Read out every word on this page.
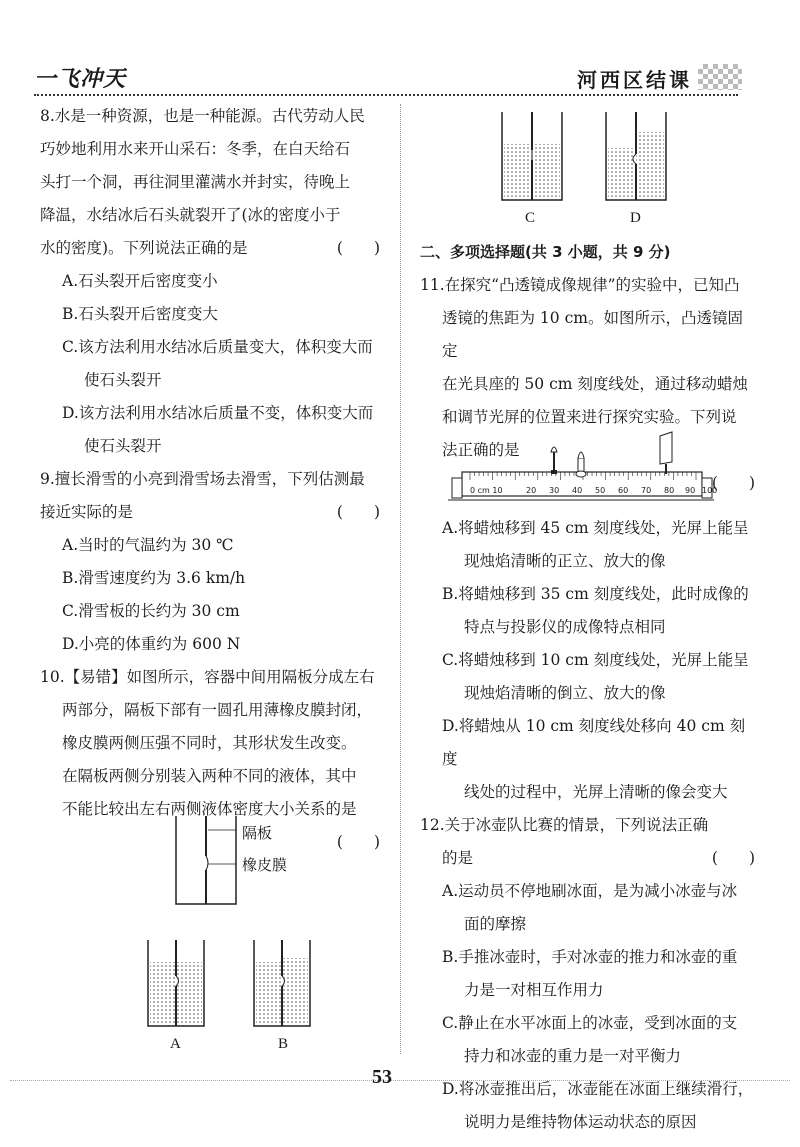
一飞冲天	河西区结课

8.水是一种资源，也是一种能源。古代劳动人民

巧妙地利用水来开山采石：冬季，在白天给石

头打一个洞，再往洞里灌满水并封实，待晚上

降温，水结冰后石头就裂开了(冰的密度小于

水的密度)。下列说法正确的是	(　　)

A.石头裂开后密度变小

B.石头裂开后密度变大

C.该方法利用水结冰后质量变大，体积变大而

使石头裂开

D.该方法利用水结冰后质量不变，体积变大而

使石头裂开

9.擅长滑雪的小亮到滑雪场去滑雪，下列估测最

接近实际的是	(　　)

A.当时的气温约为 30 ℃

B.滑雪速度约为 3.6 km/h

C.滑雪板的长约为 30 cm

D.小亮的体重约为 600 N

10.【易错】如图所示，容器中间用隔板分成左右

两部分，隔板下部有一圆孔用薄橡皮膜封闭，

橡皮膜两侧压强不同时，其形状发生改变。

在隔板两侧分别装入两种不同的液体，其中

不能比较出左右两侧液体密度大小关系的是

(　　)

隔板
橡皮膜
A	B
C	D

二、多项选择题(共 3 小题，共 9 分)

11.在探究“凸透镜成像规律”的实验中，已知凸

透镜的焦距为 10 cm。如图所示，凸透镜固定

在光具座的 50 cm 刻度线处，通过移动蜡烛

和调节光屏的位置来进行探究实验。下列说

法正确的是

(　　)

0 cm 10	20 30 40 50 60 70 80 90 100

A.将蜡烛移到 45 cm 刻度线处，光屏上能呈

现烛焰清晰的正立、放大的像

B.将蜡烛移到 35 cm 刻度线处，此时成像的

特点与投影仪的成像特点相同

C.将蜡烛移到 10 cm 刻度线处，光屏上能呈

现烛焰清晰的倒立、放大的像

D.将蜡烛从 10 cm 刻度线处移向 40 cm 刻度

线处的过程中，光屏上清晰的像会变大

12.关于冰壶队比赛的情景，下列说法正确

的是	(　　)

A.运动员不停地刷冰面，是为减小冰壶与冰

面的摩擦

B.手推冰壶时，手对冰壶的推力和冰壶的重

力是一对相互作用力

C.静止在水平冰面上的冰壶，受到冰面的支

持力和冰壶的重力是一对平衡力

D.将冰壶推出后，冰壶能在冰面上继续滑行，

说明力是维持物体运动状态的原因

53
